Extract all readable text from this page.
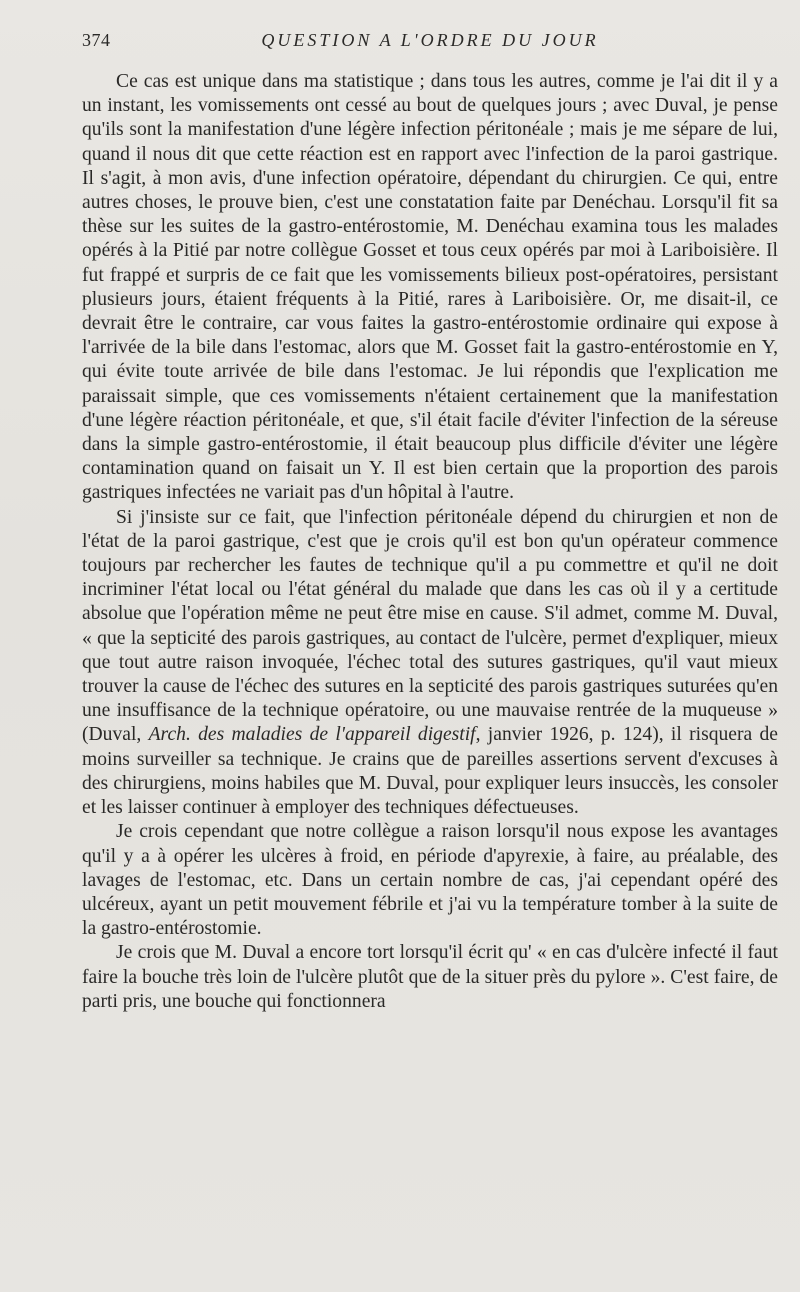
374	QUESTION A L'ORDRE DU JOUR

Ce cas est unique dans ma statistique ; dans tous les autres, comme je l'ai dit il y a un instant, les vomissements ont cessé au bout de quelques jours ; avec Duval, je pense qu'ils sont la manifestation d'une légère infection péritonéale ; mais je me sépare de lui, quand il nous dit que cette réaction est en rapport avec l'infection de la paroi gastrique. Il s'agit, à mon avis, d'une infection opératoire, dépendant du chirurgien. Ce qui, entre autres choses, le prouve bien, c'est une constatation faite par Denéchau. Lorsqu'il fit sa thèse sur les suites de la gastro-entérostomie, M. Denéchau examina tous les malades opérés à la Pitié par notre collègue Gosset et tous ceux opérés par moi à Lariboisière. Il fut frappé et surpris de ce fait que les vomissements bilieux post-opératoires, persistant plusieurs jours, étaient fréquents à la Pitié, rares à Lariboisière. Or, me disait-il, ce devrait être le contraire, car vous faites la gastro-entérostomie ordinaire qui expose à l'arrivée de la bile dans l'estomac, alors que M. Gosset fait la gastro-entérostomie en Y, qui évite toute arrivée de bile dans l'estomac. Je lui répondis que l'explication me paraissait simple, que ces vomissements n'étaient certainement que la manifestation d'une légère réaction péritonéale, et que, s'il était facile d'éviter l'infection de la séreuse dans la simple gastro-entérostomie, il était beaucoup plus difficile d'éviter une légère contamination quand on faisait un Y. Il est bien certain que la proportion des parois gastriques infectées ne variait pas d'un hôpital à l'autre.

Si j'insiste sur ce fait, que l'infection péritonéale dépend du chirurgien et non de l'état de la paroi gastrique, c'est que je crois qu'il est bon qu'un opérateur commence toujours par rechercher les fautes de technique qu'il a pu commettre et qu'il ne doit incriminer l'état local ou l'état général du malade que dans les cas où il y a certitude absolue que l'opération même ne peut être mise en cause. S'il admet, comme M. Duval, « que la septicité des parois gastriques, au contact de l'ulcère, permet d'expliquer, mieux que tout autre raison invoquée, l'échec total des sutures gastriques, qu'il vaut mieux trouver la cause de l'échec des sutures en la septicité des parois gastriques suturées qu'en une insuffisance de la technique opératoire, ou une mauvaise rentrée de la muqueuse » (Duval, Arch. des maladies de l'appareil digestif, janvier 1926, p. 124), il risquera de moins surveiller sa technique. Je crains que de pareilles assertions servent d'excuses à des chirurgiens, moins habiles que M. Duval, pour expliquer leurs insuccès, les consoler et les laisser continuer à employer des techniques défectueuses.

Je crois cependant que notre collègue a raison lorsqu'il nous expose les avantages qu'il y a à opérer les ulcères à froid, en période d'apyrexie, à faire, au préalable, des lavages de l'estomac, etc. Dans un certain nombre de cas, j'ai cependant opéré des ulcéreux, ayant un petit mouvement fébrile et j'ai vu la température tomber à la suite de la gastro-entérostomie.

Je crois que M. Duval a encore tort lorsqu'il écrit qu' « en cas d'ulcère infecté il faut faire la bouche très loin de l'ulcère plutôt que de la situer près du pylore ». C'est faire, de parti pris, une bouche qui fonctionnera
